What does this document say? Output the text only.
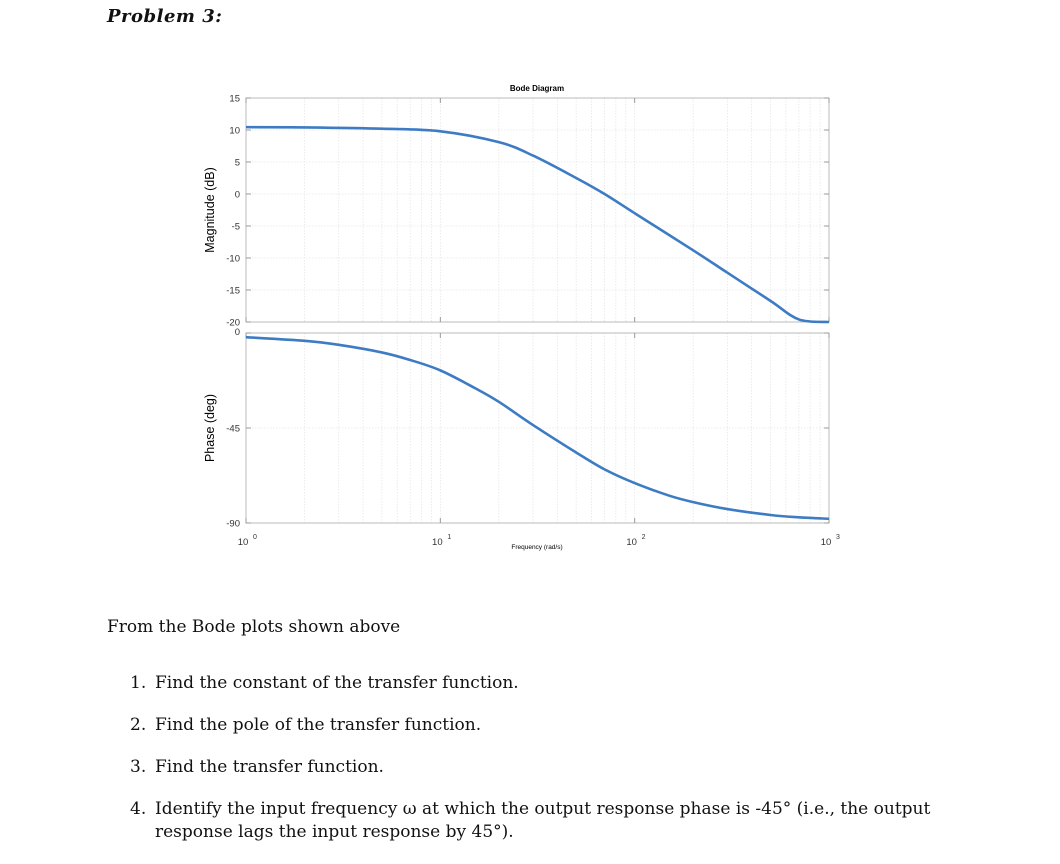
Problem 3:
15
10
5
0
-5
-10
-15
-20
0
-45
-90
10 0	10 1	10 2	10 3
Bode Diagram
Frequency (rad/s)
Magnitude (dB)
Phase (deg)
From the Bode plots shown above
1. Find the constant of the transfer function.
2. Find the pole of the transfer function.
3. Find the transfer function.
4. Identify the input frequency ω at which the output response phase is -45° (i.e., the output response lags the input response by 45°).
